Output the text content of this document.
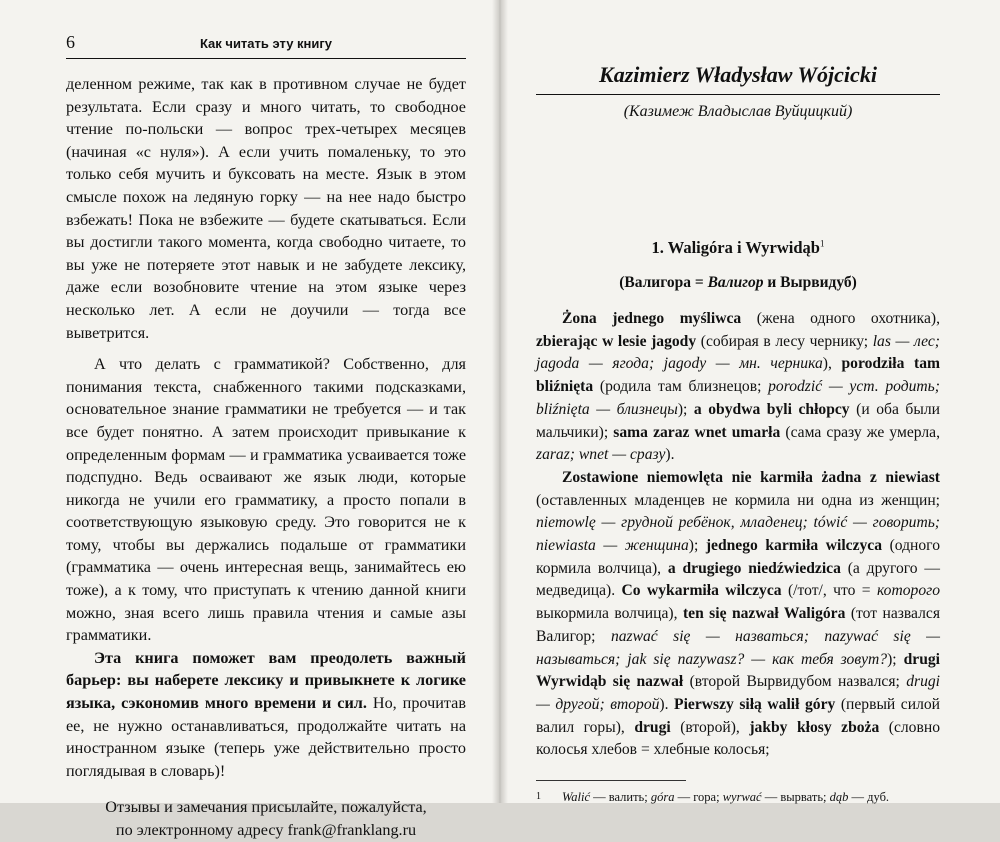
6	Как читать эту книгу

деленном режиме, так как в противном случае не будет результата. Если сразу и много читать, то свободное чтение по-польски — вопрос трех-четырех месяцев (начиная «с нуля»). А если учить помаленьку, то это только себя мучить и буксовать на месте. Язык в этом смысле похож на ледяную горку — на нее надо быстро взбежать! Пока не взбежите — будете скатываться. Если вы достигли такого момента, когда свободно читаете, то вы уже не потеряете этот навык и не забудете лексику, даже если возобновите чтение на этом языке через несколько лет. А если не доучили — тогда все выветрится.

А что делать с грамматикой? Собственно, для понимания текста, снабженного такими подсказками, основательное знание грамматики не требуется — и так все будет понятно. А затем происходит привыкание к определенным формам — и грамматика усваивается тоже подспудно. Ведь осваивают же язык люди, которые никогда не учили его грамматику, а просто попали в соответствующую языковую среду. Это говорится не к тому, чтобы вы держались подальше от грамматики (грамматика — очень интересная вещь, занимайтесь ею тоже), а к тому, что приступать к чтению данной книги можно, зная всего лишь правила чтения и самые азы грамматики.

Эта книга поможет вам преодолеть важный барьер: вы наберете лексику и привыкнете к логике языка, сэкономив много времени и сил. Но, прочитав ее, не нужно останавливаться, продолжайте читать на иностранном языке (теперь уже действительно просто поглядывая в словарь)!

Отзывы и замечания присылайте, пожалуйста,
по электронному адресу frank@franklang.ru

Kazimierz Władysław Wójcicki

(Казимеж Владыслав Вуйцицкий)

1. Waligóra i Wyrwidąb$^1$

(Валигора = Валигор и Вырвидуб)

Żona jednego myśliwca (жена одного охотника), zbierając w lesie jagody (собирая в лесу чернику; las — лес; jagoda — ягода; jagody — мн. черника), porodziła tam bliźnięta (родила там близнецов; porodzić — уст. родить; bliźnięta — близнецы); a obydwa byli chłopcy (и оба были мальчики); sama zaraz wnet umarła (сама сразу же умерла, zaraz; wnet — сразу).

Zostawione niemowlęta nie karmiła żadna z niewiast (оставленных младенцев не кормила ни одна из женщин; niemowlę — грудной ребёнок, младенец; tówić — говорить; niewiasta — женщина); jednego karmiła wilczyca (одного кормила волчица), a drugiego niedźwiedzica (а другого — медведица). Co wykarmiła wilczyca (/тот/, что = которого выкормила волчица), ten się nazwał Waligóra (тот назвался Валигор; nazwać się — назваться; nazywać się — называться; jak się nazywasz? — как тебя зовут?); drugi Wyrwidąb się nazwał (второй Вырвидубом назвался; drugi — другой; второй). Pierwszy siłą walił góry (первый силой валил горы), drugi (второй), jakby kłosy zboża (словно колосья хлебов = хлебные колосья;

1	Walić — валить; góra — гора; wyrwać — вырвать; dąb — дуб.
